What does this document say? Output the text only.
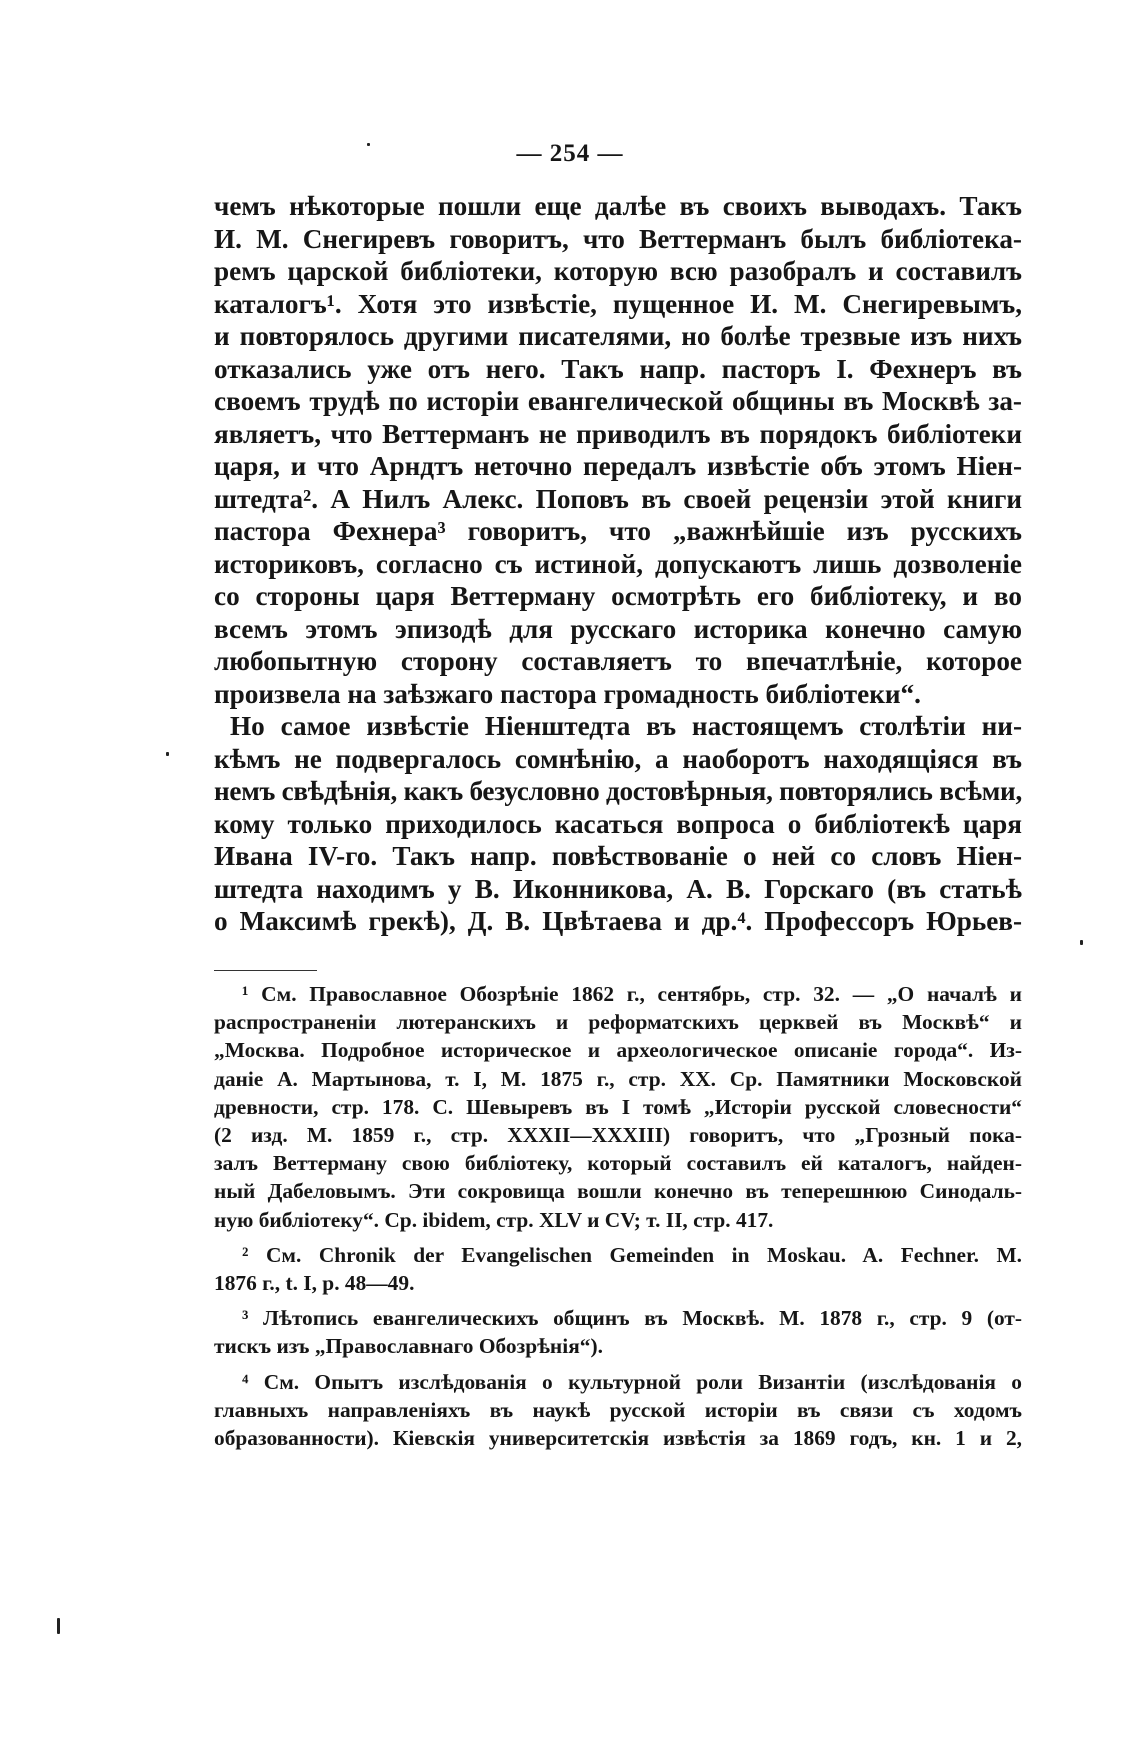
— 254 —
чемъ нѣкоторые пошли еще далѣе въ своихъ выводахъ. Такъ
И. М. Снегиревъ говоритъ, что Веттерманъ былъ библiотека-
ремъ царской библiотеки, которую всю разобралъ и составилъ
каталогъ¹. Хотя это извѣстiе, пущенное И. М. Снегиревымъ,
и повторялось другими писателями, но болѣе трезвые изъ нихъ
отказались уже отъ него. Такъ напр. пасторъ I. Фехнеръ въ
своемъ трудѣ по исторiи евангелической общины въ Москвѣ за-
являетъ, что Веттерманъ не приводилъ въ порядокъ библiотеки
царя, и что Арндтъ неточно передалъ извѣстiе объ этомъ Нiен-
штедта². А Нилъ Алекс. Поповъ въ своей рецензiи этой книги
пастора Фехнера³ говоритъ, что „важнѣйшiе изъ русскихъ
историковъ, согласно съ истиной, допускаютъ лишь дозволенiе
со стороны царя Веттерману осмотрѣть его библiотеку, и во
всемъ этомъ эпизодѣ для русскаго историка конечно самую
любопытную сторону составляетъ то впечатлѣнiе, которое
произвела на заѣзжаго пастора громадность библiотеки“.
Но самое извѣстiе Нiенштедта въ настоящемъ столѣтiи ни-
кѣмъ не подвергалось сомнѣнiю, а наоборотъ находящiяся въ
немъ свѣдѣнiя, какъ безусловно достовѣрныя, повторялись всѣми,
кому только приходилось касаться вопроса о библiотекѣ царя
Ивана IV-го. Такъ напр. повѣствованiе о ней со словъ Нiен-
штедта находимъ у В. Иконникова, А. В. Горскаго (въ статьѣ
о Максимѣ грекѣ), Д. В. Цвѣтаева и др.⁴. Профессоръ Юрьев-
¹ См. Православное Обозрѣнiе 1862 г., сентябрь, стр. 32. — „О началѣ и
распространенiи лютеранскихъ и реформатскихъ церквей въ Москвѣ“ и
„Москва. Подробное историческое и археологическое описанiе города“. Из-
данiе А. Мартынова, т. I, М. 1875 г., стр. XX. Ср. Памятники Московской
древности, стр. 178. С. Шевыревъ въ I томѣ „Исторiи русской словесности“
(2 изд. М. 1859 г., стр. XXXII—XXXIII) говоритъ, что „Грозный пока-
залъ Веттерману свою библiотеку, который составилъ ей каталогъ, найден-
ный Дабеловымъ. Эти сокровища вошли конечно въ теперешнюю Синодаль-
ную библiотеку“. Ср. ibidem, стр. XLV и CV; т. II, стр. 417.
² См. Chronik der Evangelischen Gemeinden in Moskau. A. Fechner. M.
1876 г., t. I, p. 48—49.
³ Лѣтопись евангелическихъ общинъ въ Москвѣ. М. 1878 г., стр. 9 (от-
тискъ изъ „Православнаго Обозрѣнiя“).
⁴ См. Опытъ изслѣдованiя о культурной роли Византiи (изслѣдованiя о
главныхъ направленiяхъ въ наукѣ русской исторiи въ связи съ ходомъ
образованности). Кiевскiя университетскiя извѣстiя за 1869 годъ, кн. 1 и 2,
